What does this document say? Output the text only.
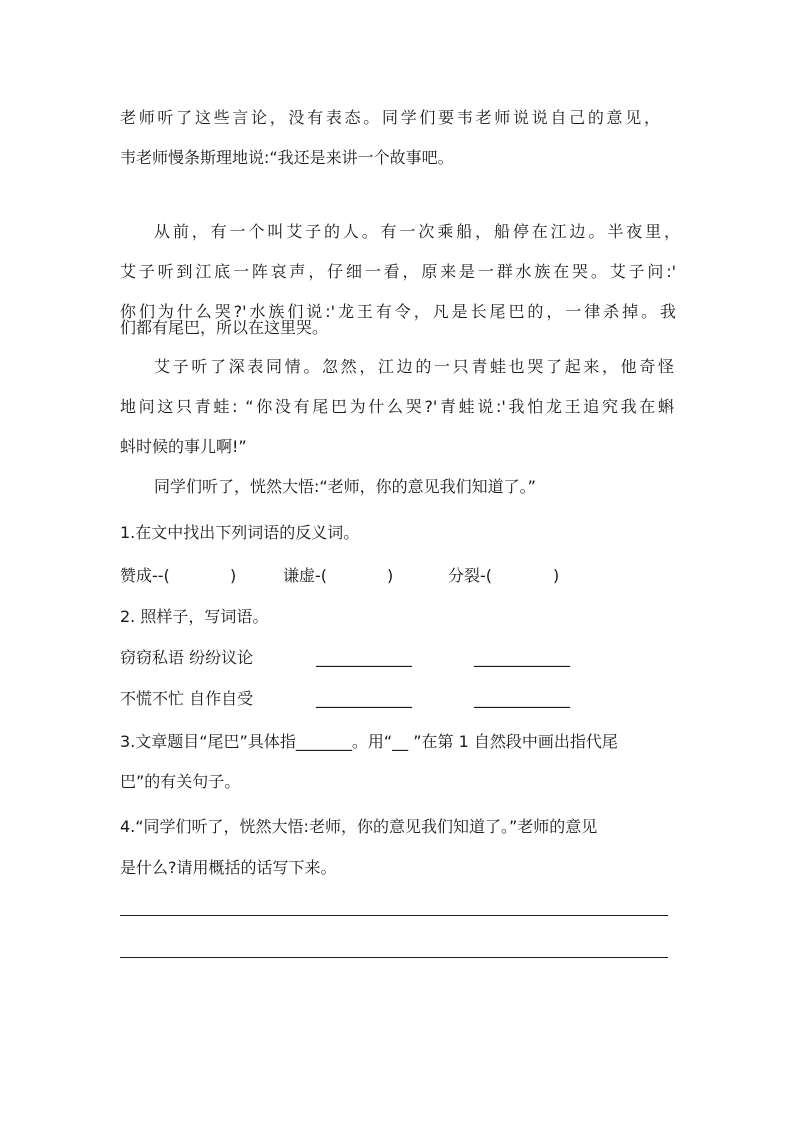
老师听了这些言论，没有表态。同学们要韦老师说说自己的意见，
韦老师慢条斯理地说:“我还是来讲一个故事吧。
从前，有一个叫艾子的人。有一次乘船，船停在江边。半夜里，
艾子听到江底一阵哀声，仔细一看，原来是一群水族在哭。艾子问:'
你们为什么哭?'水族们说:'龙王有令，凡是长尾巴的，一律杀掉。我
们都有尾巴，所以在这里哭。
艾子听了深表同情。忽然，江边的一只青蛙也哭了起来，他奇怪
地问这只青蛙: “你没有尾巴为什么哭?'青蛙说:'我怕龙王追究我在蝌
蚪时候的事儿啊!”
同学们听了，恍然大悟:“老师，你的意见我们知道了。”
1.在文中找出下列词语的反义词。
赞成--(	)	谦虚-(	)	分裂-(	)
2. 照样子，写词语。
窃窃私语 纷纷议论	____________	____________
不慌不忙 自作自受	____________	____________
3.文章题目“尾巴”具体指_______。用“__ ”在第 1 自然段中画出指代尾
巴”的有关句子。
4.“同学们听了，恍然大悟:老师，你的意见我们知道了。”老师的意见
是什么?请用概括的话写下来。
